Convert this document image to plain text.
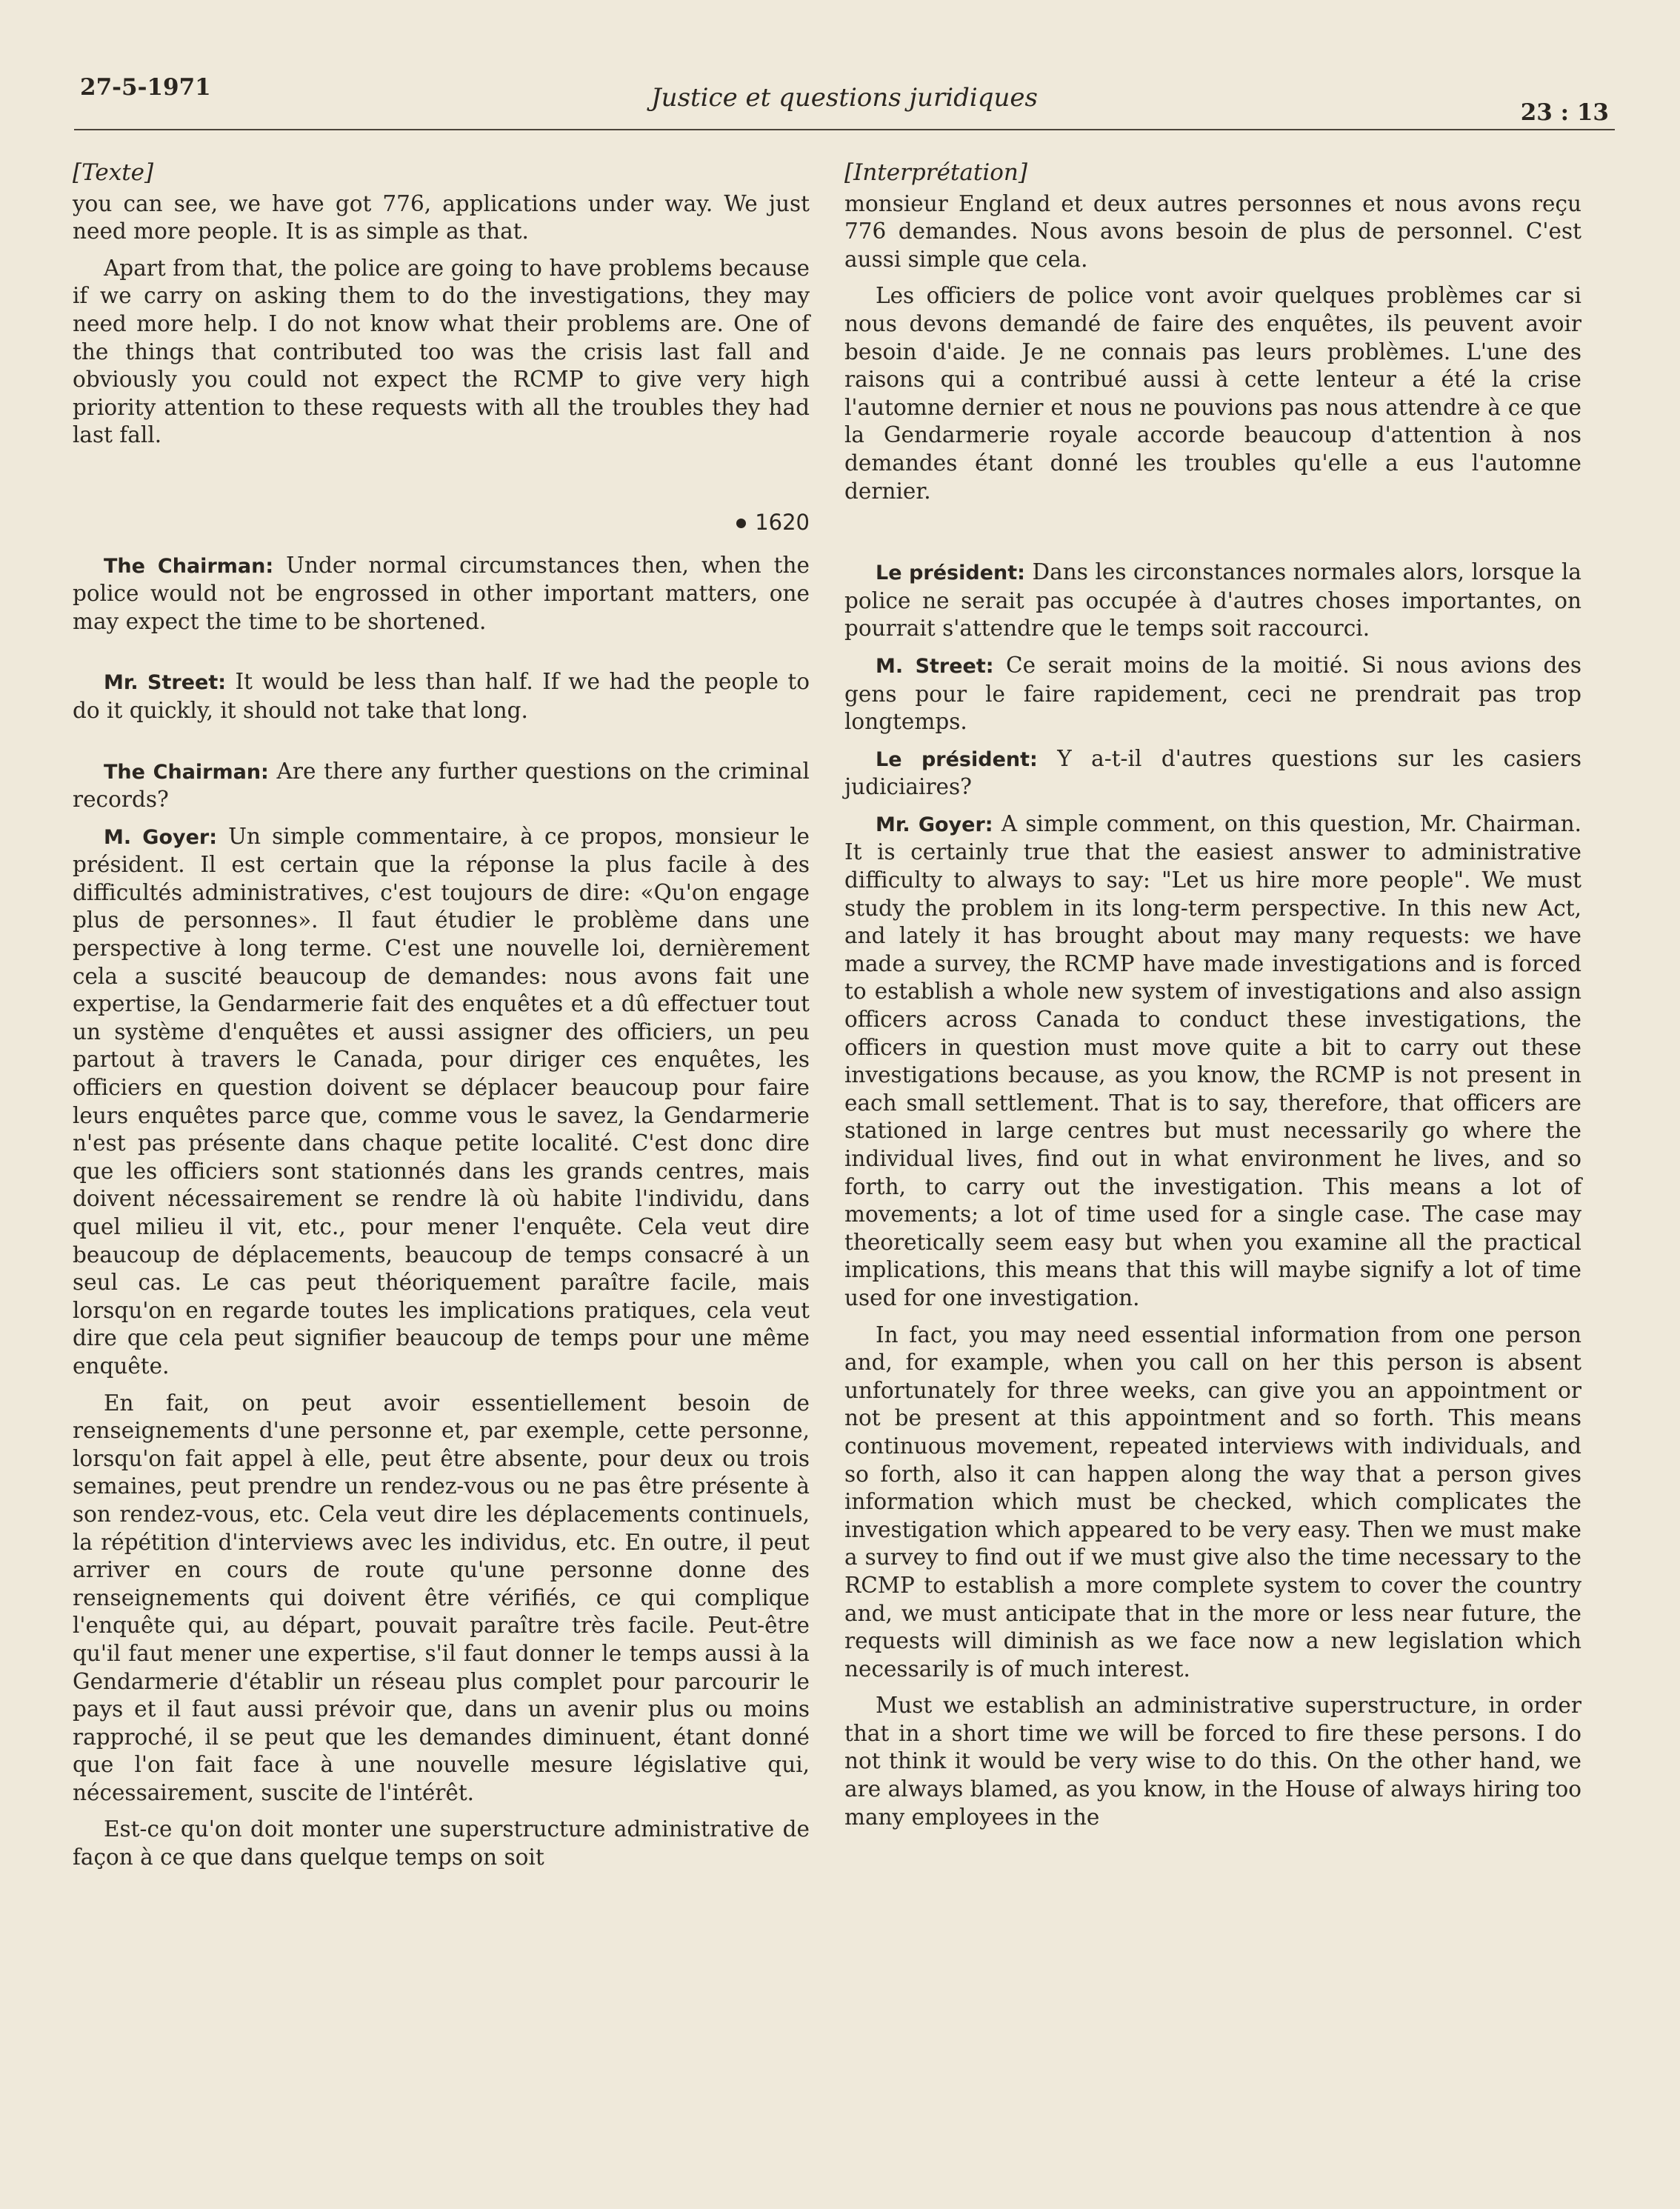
27-5-1971	Justice et questions juridiques	23 : 13
[Texte]

you can see, we have got 776, applications under way. We just need more people. It is as simple as that.

Apart from that, the police are going to have problems because if we carry on asking them to do the investigations, they may need more help. I do not know what their problems are. One of the things that contributed too was the crisis last fall and obviously you could not expect the RCMP to give very high priority attention to these requests with all the troubles they had last fall.

1620

The Chairman: Under normal circumstances then, when the police would not be engrossed in other important matters, one may expect the time to be shortened.

Mr. Street: It would be less than half. If we had the people to do it quickly, it should not take that long.

The Chairman: Are there any further questions on the criminal records?

M. Goyer: Un simple commentaire, à ce propos, monsieur le président. Il est certain que la réponse la plus facile à des difficultés administratives, c'est toujours de dire: «Qu'on engage plus de personnes». Il faut étudier le problème dans une perspective à long terme. C'est une nouvelle loi, dernièrement cela a suscité beaucoup de demandes: nous avons fait une expertise, la Gendarmerie fait des enquêtes et a dû effectuer tout un système d'enquêtes et aussi assigner des officiers, un peu partout à travers le Canada, pour diriger ces enquêtes, les officiers en question doivent se déplacer beaucoup pour faire leurs enquêtes parce que, comme vous le savez, la Gendarmerie n'est pas présente dans chaque petite localité. C'est donc dire que les officiers sont stationnés dans les grands centres, mais doivent nécessairement se rendre là où habite l'individu, dans quel milieu il vit, etc., pour mener l'enquête. Cela veut dire beaucoup de déplacements, beaucoup de temps consacré à un seul cas. Le cas peut théoriquement paraître facile, mais lorsqu'on en regarde toutes les implications pratiques, cela veut dire que cela peut signifier beaucoup de temps pour une même enquête.

En fait, on peut avoir essentiellement besoin de renseignements d'une personne et, par exemple, cette personne, lorsqu'on fait appel à elle, peut être absente, pour deux ou trois semaines, peut prendre un rendez-vous ou ne pas être présente à son rendez-vous, etc. Cela veut dire les déplacements continuels, la répétition d'interviews avec les individus, etc. En outre, il peut arriver en cours de route qu'une personne donne des renseignements qui doivent être vérifiés, ce qui complique l'enquête qui, au départ, pouvait paraître très facile. Peut-être qu'il faut mener une expertise, s'il faut donner le temps aussi à la Gendarmerie d'établir un réseau plus complet pour parcourir le pays et il faut aussi prévoir que, dans un avenir plus ou moins rapproché, il se peut que les demandes diminuent, étant donné que l'on fait face à une nouvelle mesure législative qui, nécessairement, suscite de l'intérêt.

Est-ce qu'on doit monter une superstructure administrative de façon à ce que dans quelque temps on soit

[Interprétation]

monsieur England et deux autres personnes et nous avons reçu 776 demandes. Nous avons besoin de plus de personnel. C'est aussi simple que cela.

Les officiers de police vont avoir quelques problèmes car si nous devons demandé de faire des enquêtes, ils peuvent avoir besoin d'aide. Je ne connais pas leurs problèmes. L'une des raisons qui a contribué aussi à cette lenteur a été la crise l'automne dernier et nous ne pouvions pas nous attendre à ce que la Gendarmerie royale accorde beaucoup d'attention à nos demandes étant donné les troubles qu'elle a eus l'automne dernier.

Le président: Dans les circonstances normales alors, lorsque la police ne serait pas occupée à d'autres choses importantes, on pourrait s'attendre que le temps soit raccourci.

M. Street: Ce serait moins de la moitié. Si nous avions des gens pour le faire rapidement, ceci ne prendrait pas trop longtemps.

Le président: Y a-t-il d'autres questions sur les casiers judiciaires?

Mr. Goyer: A simple comment, on this question, Mr. Chairman. It is certainly true that the easiest answer to administrative difficulty to always to say: "Let us hire more people". We must study the problem in its long-term perspective. In this new Act, and lately it has brought about may many requests: we have made a survey, the RCMP have made investigations and is forced to establish a whole new system of investigations and also assign officers across Canada to conduct these investigations, the officers in question must move quite a bit to carry out these investigations because, as you know, the RCMP is not present in each small settlement. That is to say, therefore, that officers are stationed in large centres but must necessarily go where the individual lives, find out in what environment he lives, and so forth, to carry out the investigation. This means a lot of movements; a lot of time used for a single case. The case may theoretically seem easy but when you examine all the practical implications, this means that this will maybe signify a lot of time used for one investigation.

In fact, you may need essential information from one person and, for example, when you call on her this person is absent unfortunately for three weeks, can give you an appointment or not be present at this appointment and so forth. This means continuous movement, repeated interviews with individuals, and so forth, also it can happen along the way that a person gives information which must be checked, which complicates the investigation which appeared to be very easy. Then we must make a survey to find out if we must give also the time necessary to the RCMP to establish a more complete system to cover the country and, we must anticipate that in the more or less near future, the requests will diminish as we face now a new legislation which necessarily is of much interest.

Must we establish an administrative superstructure, in order that in a short time we will be forced to fire these persons. I do not think it would be very wise to do this. On the other hand, we are always blamed, as you know, in the House of always hiring too many employees in the
